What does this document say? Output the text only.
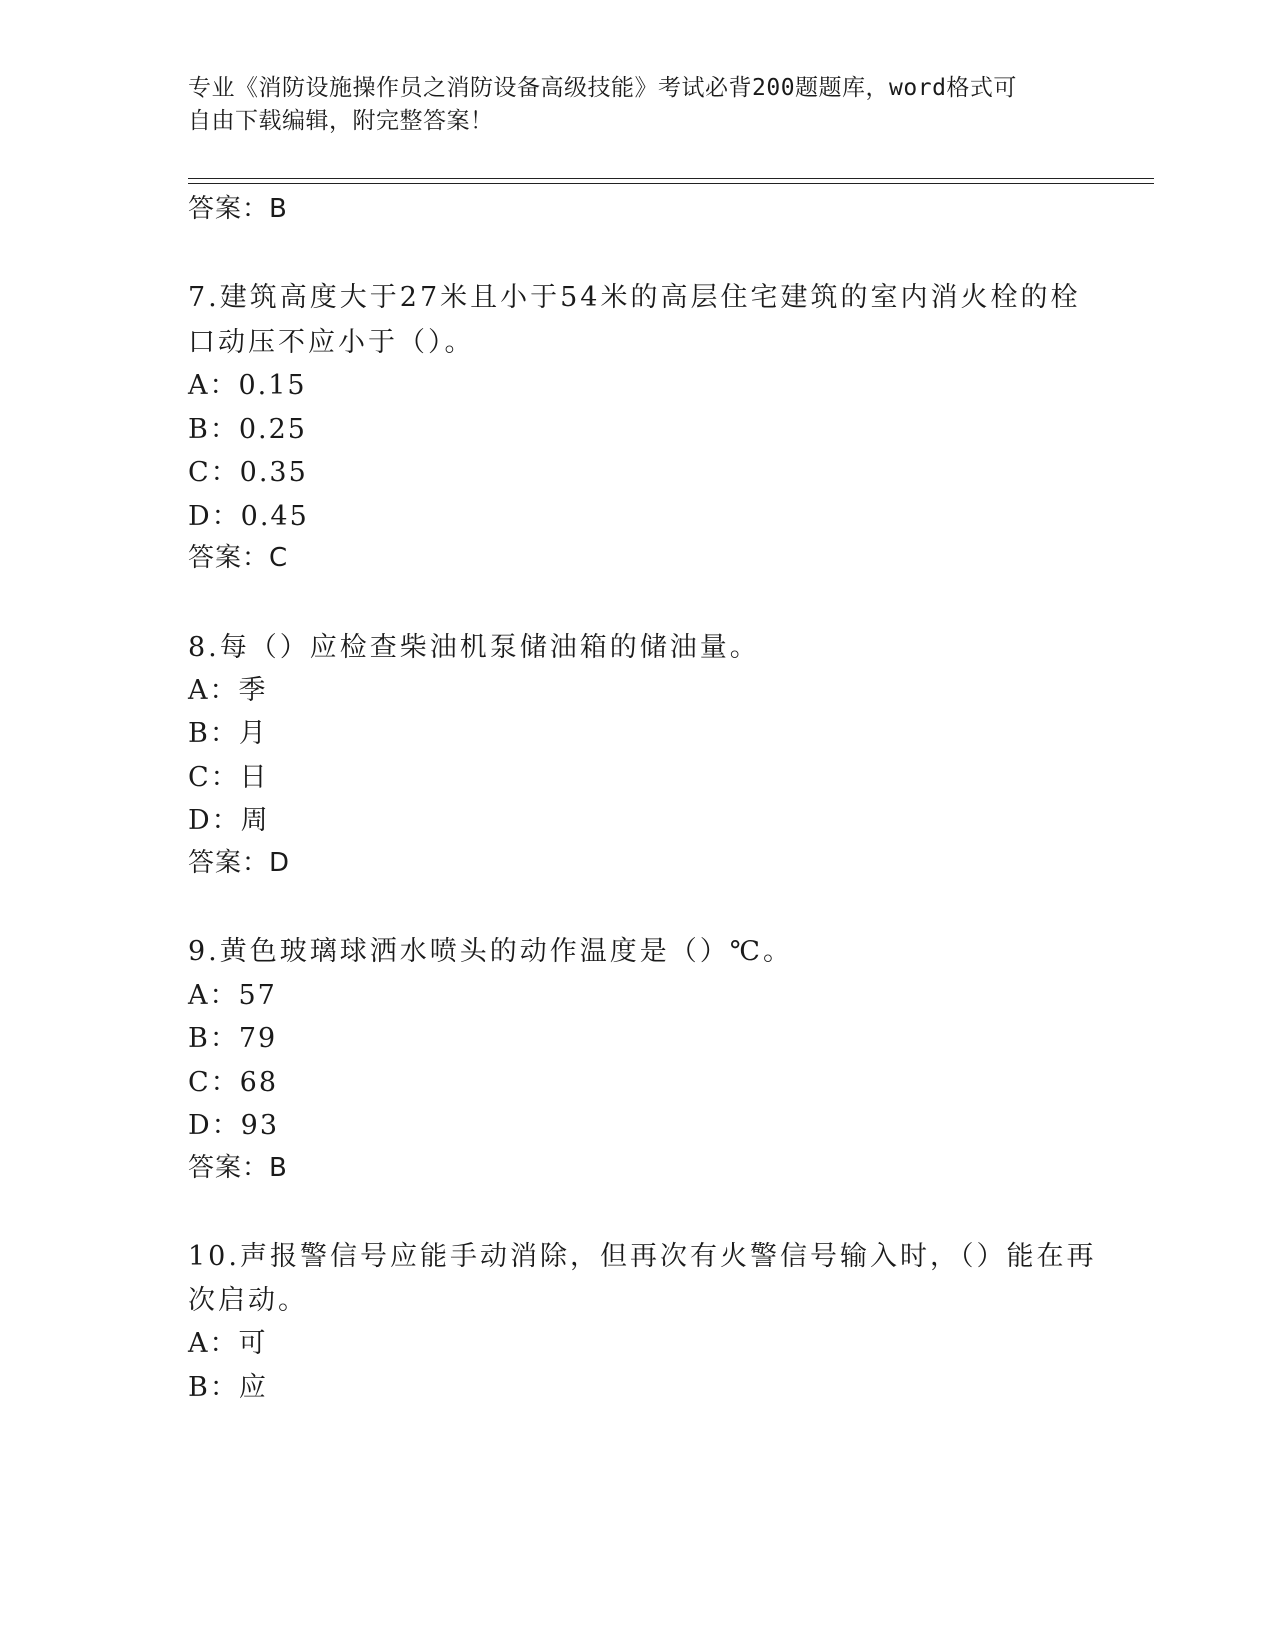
专业《消防设施操作员之消防设备高级技能》考试必背200题题库，word格式可
自由下载编辑，附完整答案！
答案：B
7.建筑高度大于27米且小于54米的高层住宅建筑的室内消火栓的栓
口动压不应小于（）。
A：0.15
B：0.25
C：0.35
D：0.45
答案：C
8.每（）应检查柴油机泵储油箱的储油量。
A：季
B：月
C：日
D：周
答案：D
9.黄色玻璃球洒水喷头的动作温度是（）℃。
A：57
B：79
C：68
D：93
答案：B
10.声报警信号应能手动消除，但再次有火警信号输入时，（）能在再
次启动。
A：可
B：应
